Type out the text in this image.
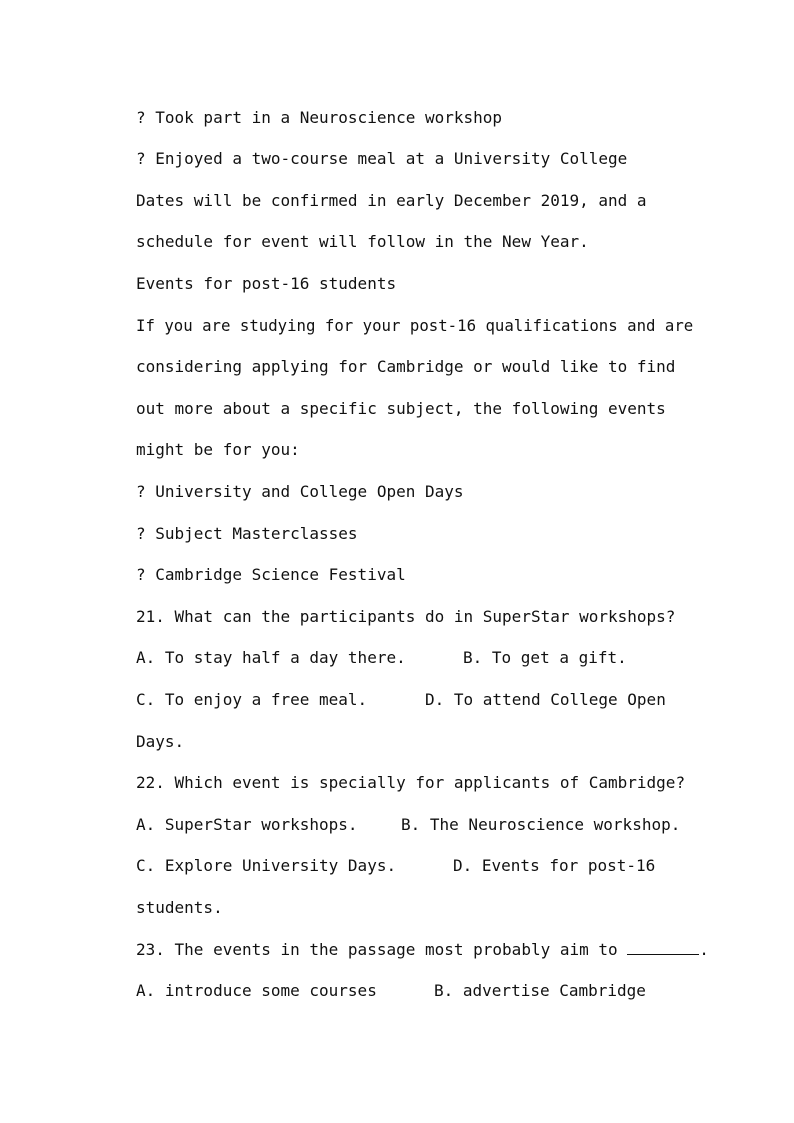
? Took part in a Neuroscience workshop
? Enjoyed a two-course meal at a University College
Dates will be confirmed in early December 2019, and a
schedule for event will follow in the New Year.
Events for post-16 students
If you are studying for your post-16 qualifications and are
considering applying for Cambridge or would like to find
out more about a specific subject, the following events
might be for you:
? University and College Open Days
? Subject Masterclasses
? Cambridge Science Festival
21. What can the participants do in SuperStar workshops?
A. To stay half a day there.	B. To get a gift.
C. To enjoy a free meal.	D. To attend College Open
Days.
22. Which event is specially for applicants of Cambridge?
A. SuperStar workshops.	B. The Neuroscience workshop.
C. Explore University Days.	D. Events for post-16
students.
23. The events in the passage most probably aim to	.
A. introduce some courses	B. advertise Cambridge
